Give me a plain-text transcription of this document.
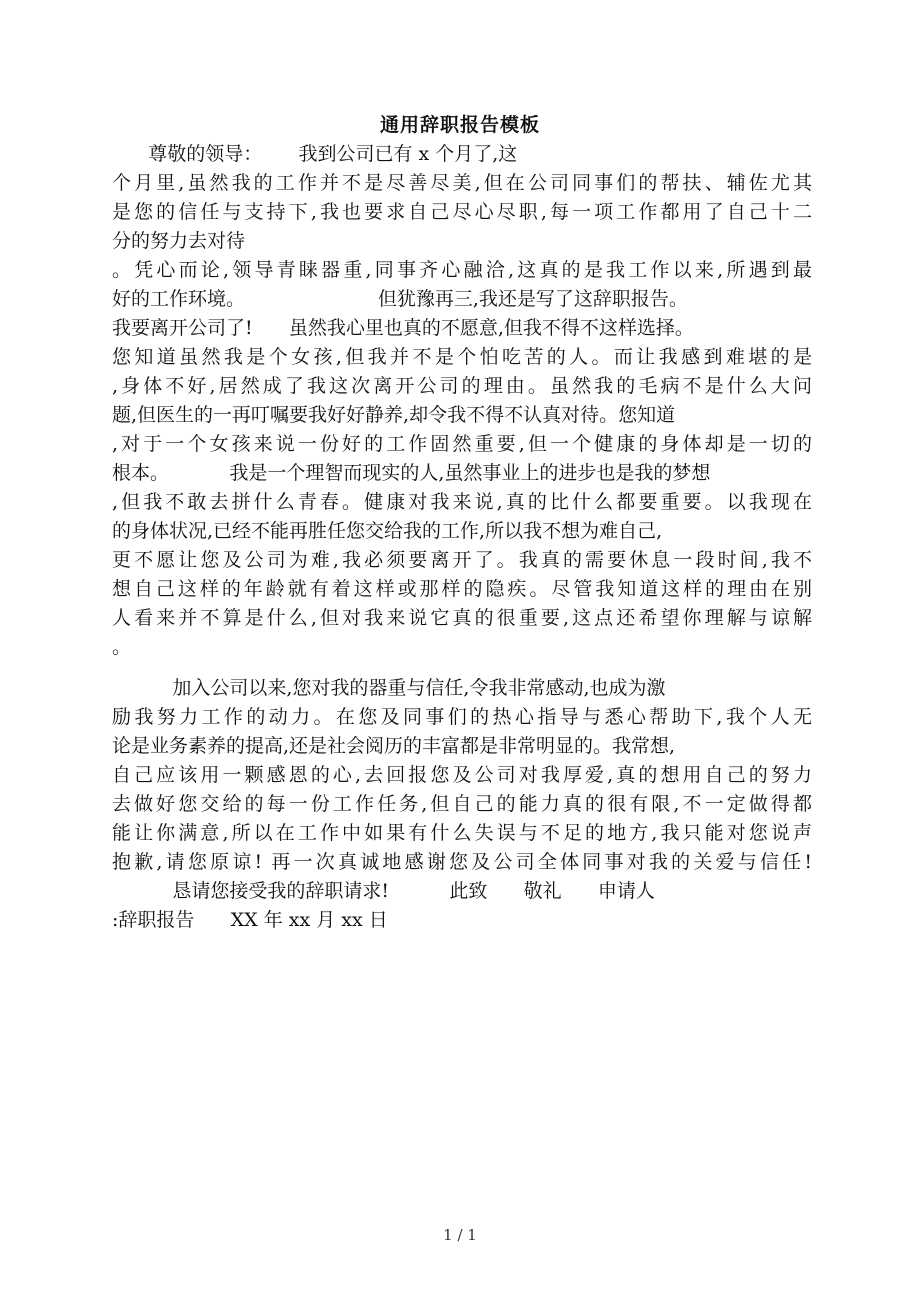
通用辞职报告模板
尊敬的领导：      我到公司已有 x 个月了,这
个月里,虽然我的工作并不是尽善尽美,但在公司同事们的帮扶、辅佐尤其
是您的信任与支持下,我也要求自己尽心尽职,每一项工作都用了自己十二
分的努力去对待
。凭心而论,领导青睐器重,同事齐心融洽,这真的是我工作以来,所遇到最
好的工作环境。                      但犹豫再三,我还是写了这辞职报告。
我要离开公司了!      虽然我心里也真的不愿意,但我不得不这样选择。
您知道虽然我是个女孩,但我并不是个怕吃苦的人。而让我感到难堪的是
,身体不好,居然成了我这次离开公司的理由。虽然我的毛病不是什么大问
题,但医生的一再叮嘱要我好好静养,却令我不得不认真对待。您知道
,对于一个女孩来说一份好的工作固然重要,但一个健康的身体却是一切的
根本。          我是一个理智而现实的人,虽然事业上的进步也是我的梦想
,但我不敢去拼什么青春。健康对我来说,真的比什么都要重要。以我现在
的身体状况,已经不能再胜任您交给我的工作,所以我不想为难自己,
更不愿让您及公司为难,我必须要离开了。我真的需要休息一段时间,我不
想自己这样的年龄就有着这样或那样的隐疾。尽管我知道这样的理由在别
人看来并不算是什么,但对我来说它真的很重要,这点还希望你理解与谅解
。
加入公司以来,您对我的器重与信任,令我非常感动,也成为激
励我努力工作的动力。在您及同事们的热心指导与悉心帮助下,我个人无
论是业务素养的提高,还是社会阅历的丰富都是非常明显的。我常想,
自己应该用一颗感恩的心,去回报您及公司对我厚爱,真的想用自己的努力
去做好您交给的每一份工作任务,但自己的能力真的很有限,不一定做得都
能让你满意,所以在工作中如果有什么失误与不足的地方,我只能对您说声
抱歉,请您原谅! 再一次真诚地感谢您及公司全体同事对我的关爱与信任!
恳请您接受我的辞职请求!          此致      敬礼      申请人
:辞职报告      XX 年 xx 月 xx 日
1 / 1
